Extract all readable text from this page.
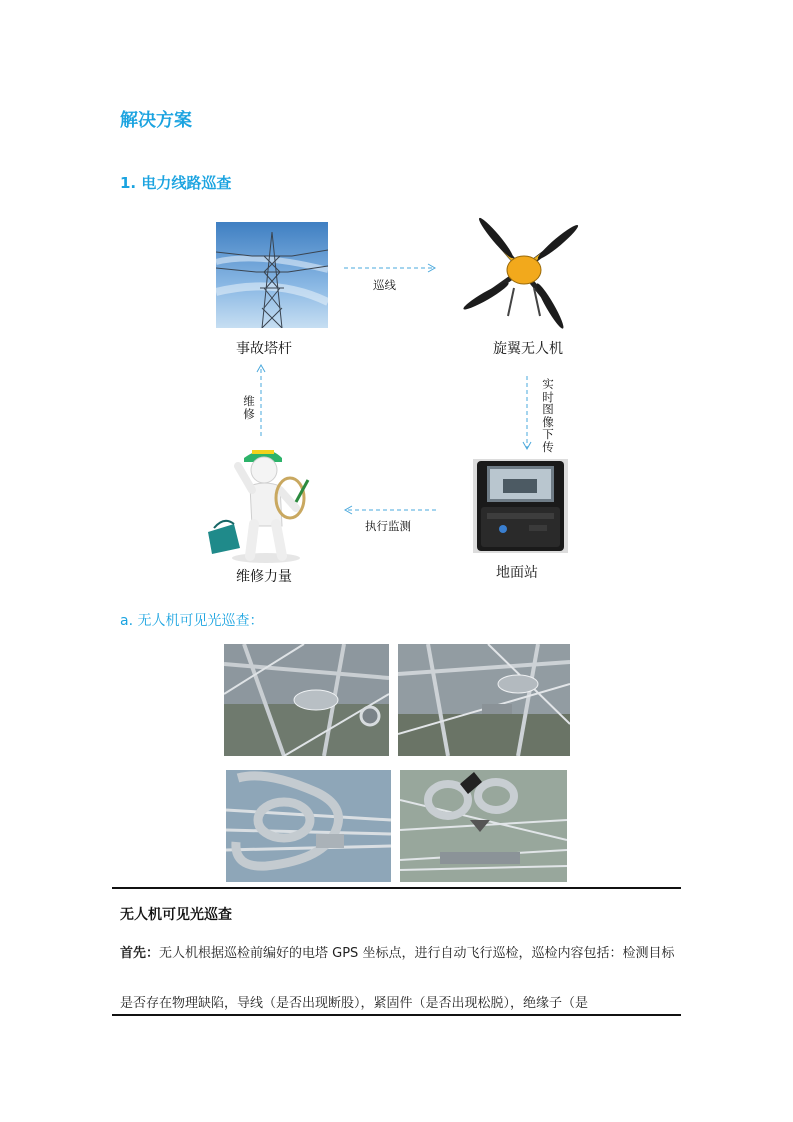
解决方案
1. 电力线路巡查
事故塔杆	旋翼无人机
地面站
维修力量
巡线
实时图像下传
执行监测
维修
a. 无人机可见光巡查：
无人机可见光巡查
首先：无人机根据巡检前编好的电塔 GPS 坐标点，进行自动飞行巡检，巡检内容包括：检测目标是否存在物理缺陷，导线（是否出现断股），紧固件（是否出现松脱），绝缘子（是
